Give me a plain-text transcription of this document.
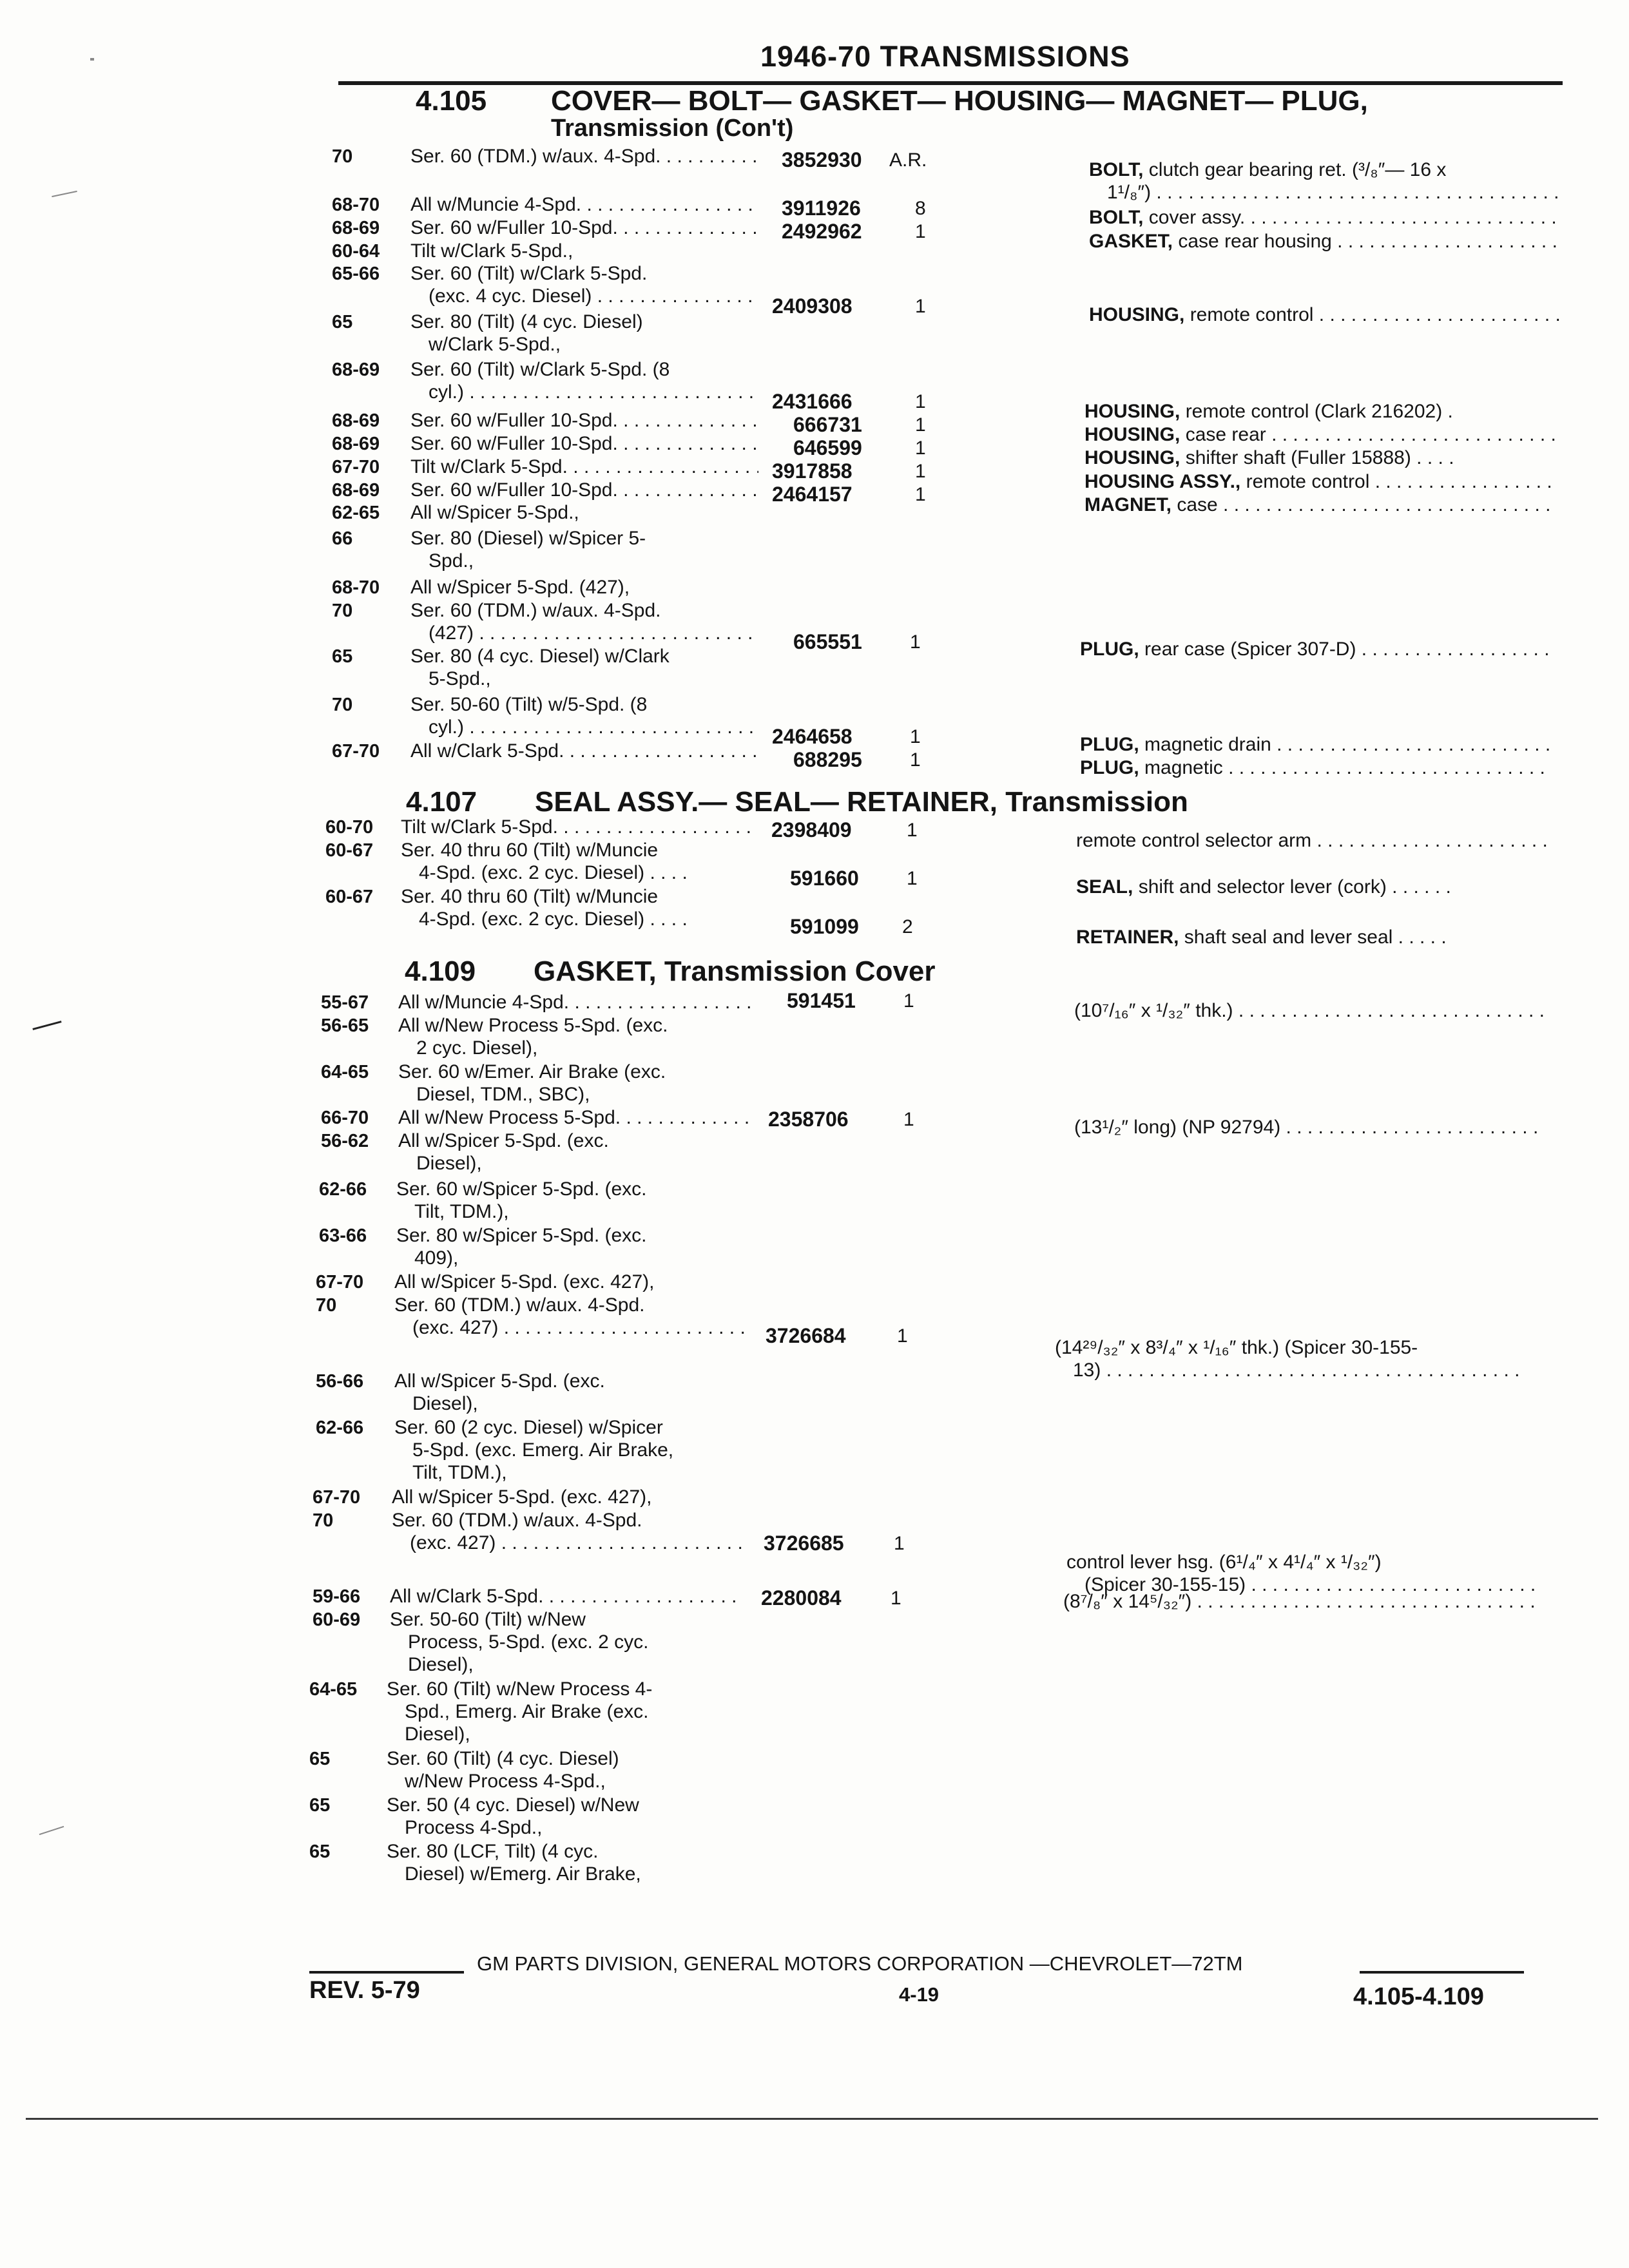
1946-70 TRANSMISSIONS
4.105 COVER— BOLT— GASKET— HOUSING— MAGNET— PLUG,
Transmission (Con't)
4.107 SEAL ASSY.— SEAL— RETAINER, Transmission
4.109 GASKET, Transmission Cover
70
68-70
68-69
60-64
65-66
65
68-69
68-69
68-69
67-70
68-69
62-65
66
68-70
70
65
70
67-70
60-70
60-67
60-67
55-67
56-65
64-65
66-70
56-62
62-66
63-66
67-70
70
56-66
62-66
67-70
70
59-66
60-69
64-65
65
65
65
Ser. 60 (TDM.) w/aux. 4-Spd. . . . . .
All w/Muncie 4-Spd. . . .
Ser. 60 w/Fuller 10-Spd. . . .
Tilt w/Clark 5-Spd.,
Ser. 60 (Tilt) w/Clark 5-Spd.
(exc. 4 cyc. Diesel) . . .
Ser. 80 (Tilt) (4 cyc. Diesel)
w/Clark 5-Spd.,
Ser. 60 (Tilt) w/Clark 5-Spd. (8
cyl.) . . .
Ser. 60 w/Fuller 10-Spd. . . .
Ser. 60 w/Fuller 10-Spd. . . .
Tilt w/Clark 5-Spd. . . .
Ser. 60 w/Fuller 10-Spd. . . .
All w/Spicer 5-Spd.,
Ser. 80 (Diesel) w/Spicer 5-
Spd.,
All w/Spicer 5-Spd. (427),
Ser. 60 (TDM.) w/aux. 4-Spd.
(427) . . .
Ser. 80 (4 cyc. Diesel) w/Clark
5-Spd.,
Ser. 50-60 (Tilt) w/5-Spd. (8
cyl.) . . .
All w/Clark 5-Spd. . . .
Tilt w/Clark 5-Spd. . . .
Ser. 40 thru 60 (Tilt) w/Muncie
4-Spd. (exc. 2 cyc. Diesel) . . . .
Ser. 40 thru 60 (Tilt) w/Muncie
4-Spd. (exc. 2 cyc. Diesel) . . . .
All w/Muncie 4-Spd. . . .
All w/New Process 5-Spd. (exc.
2 cyc. Diesel),
Ser. 60 w/Emer. Air Brake (exc.
Diesel, TDM., SBC),
All w/New Process 5-Spd. . . . . . . .
All w/Spicer 5-Spd. (exc.
Diesel),
Ser. 60 w/Spicer 5-Spd. (exc.
Tilt, TDM.),
Ser. 80 w/Spicer 5-Spd. (exc.
409),
All w/Spicer 5-Spd. (exc. 427),
Ser. 60 (TDM.) w/aux. 4-Spd.
(exc. 427) . . .
All w/Spicer 5-Spd. (exc.
Diesel),
Ser. 60 (2 cyc. Diesel) w/Spicer
5-Spd. (exc. Emerg. Air Brake,
Tilt, TDM.),
All w/Spicer 5-Spd. (exc. 427),
Ser. 60 (TDM.) w/aux. 4-Spd.
(exc. 427) . . .
All w/Clark 5-Spd. . . .
Ser. 50-60 (Tilt) w/New
Process, 5-Spd. (exc. 2 cyc.
Diesel),
Ser. 60 (Tilt) w/New Process 4-
Spd., Emerg. Air Brake (exc.
Diesel),
Ser. 60 (Tilt) (4 cyc. Diesel)
w/New Process 4-Spd.,
Ser. 50 (4 cyc. Diesel) w/New
Process 4-Spd.,
Ser. 80 (LCF, Tilt) (4 cyc.
Diesel) w/Emerg. Air Brake,
3852930
3911926
2492962
2409308
2431666
666731
646599
3917858
2464157
665551
2464658
688295
2398409
591660
591099
591451
2358706
3726684
3726685
2280084
A.R.
8
1
1
1
1
1
1
1
1
1
1
1
1
2
1
1
1
1
1
BOLT, clutch gear bearing ret. (³/₈″— 16 x
1¹/₈″) . . .
BOLT, cover assy. . . .
GASKET, case rear housing . . .
HOUSING, remote control . . .
HOUSING, remote control (Clark 216202) .
HOUSING, case rear . . .
HOUSING, shifter shaft (Fuller 15888) . . . .
HOUSING ASSY., remote control . . .
MAGNET, case . . .
PLUG, rear case (Spicer 307-D) . . .
PLUG, magnetic drain . . .
PLUG, magnetic . . .
remote control selector arm . . .
SEAL, shift and selector lever (cork) . . . . . .
RETAINER, shaft seal and lever seal . . . . .
(10⁷/₁₆″ x ¹/₃₂″ thk.) . . .
(13¹/₂″ long) (NP 92794) . . .
(14²⁹/₃₂″ x 8³/₄″ x ¹/₁₆″ thk.) (Spicer 30-155-
13) . . .
control lever hsg. (6¹/₄″ x 4¹/₄″ x ¹/₃₂″)
(Spicer 30-155-15) . . .
(8⁷/₈″ x 14⁵/₃₂″) . . .
GM PARTS DIVISION, GENERAL MOTORS CORPORATION —CHEVROLET—72TM
REV. 5-79	4-19	4.105-4.109
